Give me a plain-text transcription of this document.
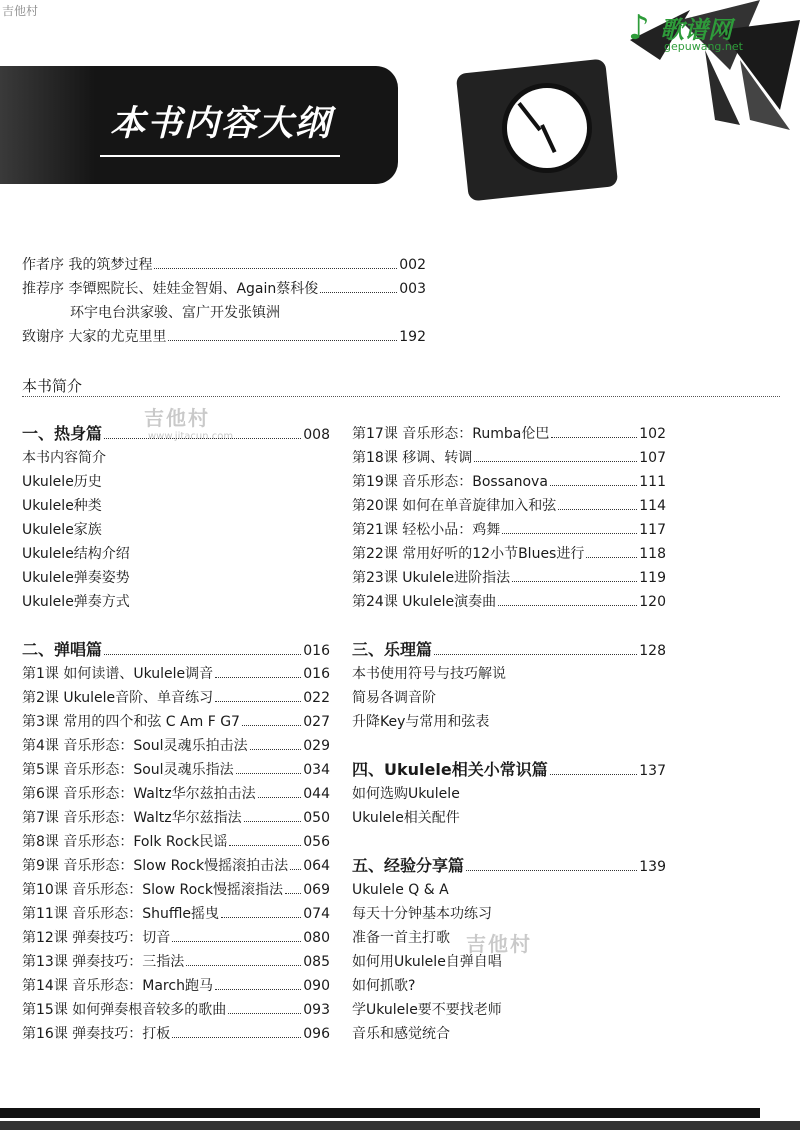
吉他村	♪ 歌谱网
gepuwang.net
本书内容大纲
作者序 我的筑梦过程	002
推荐序 李镡熙院长、娃娃金智娟、Again蔡科俊	003
环宇电台洪家骏、富广开发张镇洲
致谢序 大家的尤克里里	192
本书简介
吉他村
www.jitacun.com
吉他村
一、热身篇	008
本书内容简介
Ukulele历史
Ukulele种类
Ukulele家族
Ukulele结构介绍
Ukulele弹奏姿势
Ukulele弹奏方式
二、弹唱篇	016
第1课 如何读谱、Ukulele调音	016
第2课 Ukulele音阶、单音练习	022
第3课 常用的四个和弦 C Am F G7	027
第4课 音乐形态：Soul灵魂乐拍击法	029
第5课 音乐形态：Soul灵魂乐指法	034
第6课 音乐形态：Waltz华尔兹拍击法	044
第7课 音乐形态：Waltz华尔兹指法	050
第8课 音乐形态：Folk Rock民谣	056
第9课 音乐形态：Slow Rock慢摇滚拍击法 064
第10课 音乐形态：Slow Rock慢摇滚指法 069
第11课 音乐形态：Shuffle摇曳	074
第12课 弹奏技巧：切音	080
第13课 弹奏技巧：三指法	085
第14课 音乐形态：March跑马	090
第15课 如何弹奏根音较多的歌曲	093
第16课 弹奏技巧：打板	096
第17课 音乐形态：Rumba伦巴	102
第18课 移调、转调	107
第19课 音乐形态：Bossanova	111
第20课 如何在单音旋律加入和弦	114
第21课 轻松小品：鸡舞	117
第22课 常用好听的12小节Blues进行	118
第23课 Ukulele进阶指法	119
第24课 Ukulele演奏曲	120
三、乐理篇	128
本书使用符号与技巧解说
简易各调音阶
升降Key与常用和弦表
四、Ukulele相关小常识篇	137
如何选购Ukulele
Ukulele相关配件
五、经验分享篇	139
Ukulele Q & A
每天十分钟基本功练习
准备一首主打歌
如何用Ukulele自弹自唱
如何抓歌?
学Ukulele要不要找老师
音乐和感觉统合
